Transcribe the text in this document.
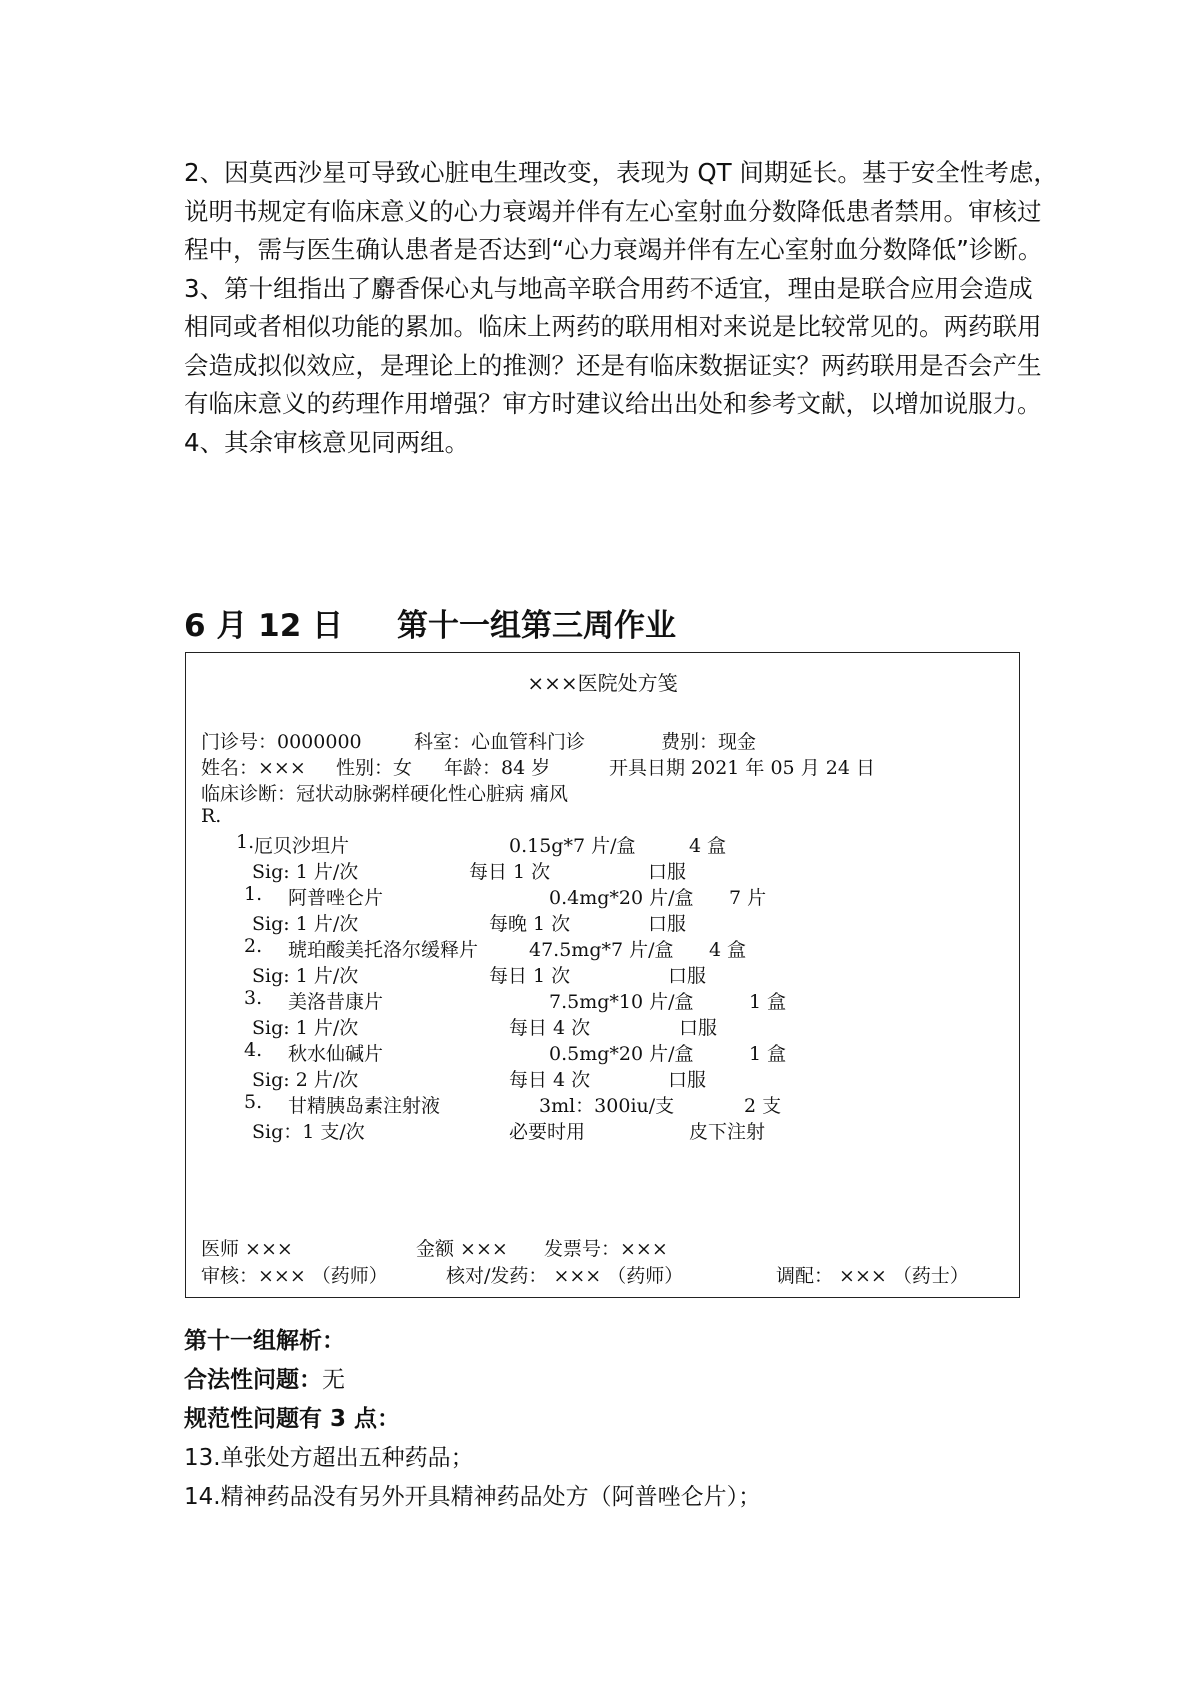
2、因莫西沙星可导致心脏电生理改变，表现为 QT 间期延长。基于安全性考虑，

说明书规定有临床意义的心力衰竭并伴有左心室射血分数降低患者禁用。审核过

程中，需与医生确认患者是否达到“心力衰竭并伴有左心室射血分数降低”诊断。

3、第十组指出了麝香保心丸与地高辛联合用药不适宜，理由是联合应用会造成

相同或者相似功能的累加。临床上两药的联用相对来说是比较常见的。两药联用

会造成拟似效应，是理论上的推测？还是有临床数据证实？两药联用是否会产生

有临床意义的药理作用增强？审方时建议给出出处和参考文献，以增加说服力。

4、其余审核意见同两组。

6 月 12 日     第十一组第三周作业
×××医院处方笺
门诊号：0000000	科室：心血管科门诊	费别：现金
姓名：××× 性别：女 年龄：84 岁	开具日期 2021 年 05 月 24 日
临床诊断：冠状动脉粥样硬化性心脏病 痛风
R.
1. 厄贝沙坦片	0.15g*7 片/盒	4 盒
Sig: 1 片/次	每日 1 次	口服
1. 阿普唑仑片	0.4mg*20 片/盒 7 片
Sig: 1 片/次	每晚 1 次	口服
2. 琥珀酸美托洛尔缓释片	47.5mg*7 片/盒 4 盒
Sig: 1 片/次	每日 1 次	口服
3. 美洛昔康片	7.5mg*10 片/盒	1 盒
Sig: 1 片/次	每日 4 次	口服
4. 秋水仙碱片	0.5mg*20 片/盒	1 盒
Sig: 2 片/次	每日 4 次	口服
5. 甘精胰岛素注射液	3ml：300iu/支	2 支
Sig：1 支/次	必要时用	皮下注射
医师 ×××	金额 ××× 发票号：×××
审核：××× （药师）	核对/发药： ××× （药师）	调配： ××× （药士）

第十一组解析：

合法性问题：无

规范性问题有 3 点：

13.单张处方超出五种药品；

14.精神药品没有另外开具精神药品处方（阿普唑仑片）；
